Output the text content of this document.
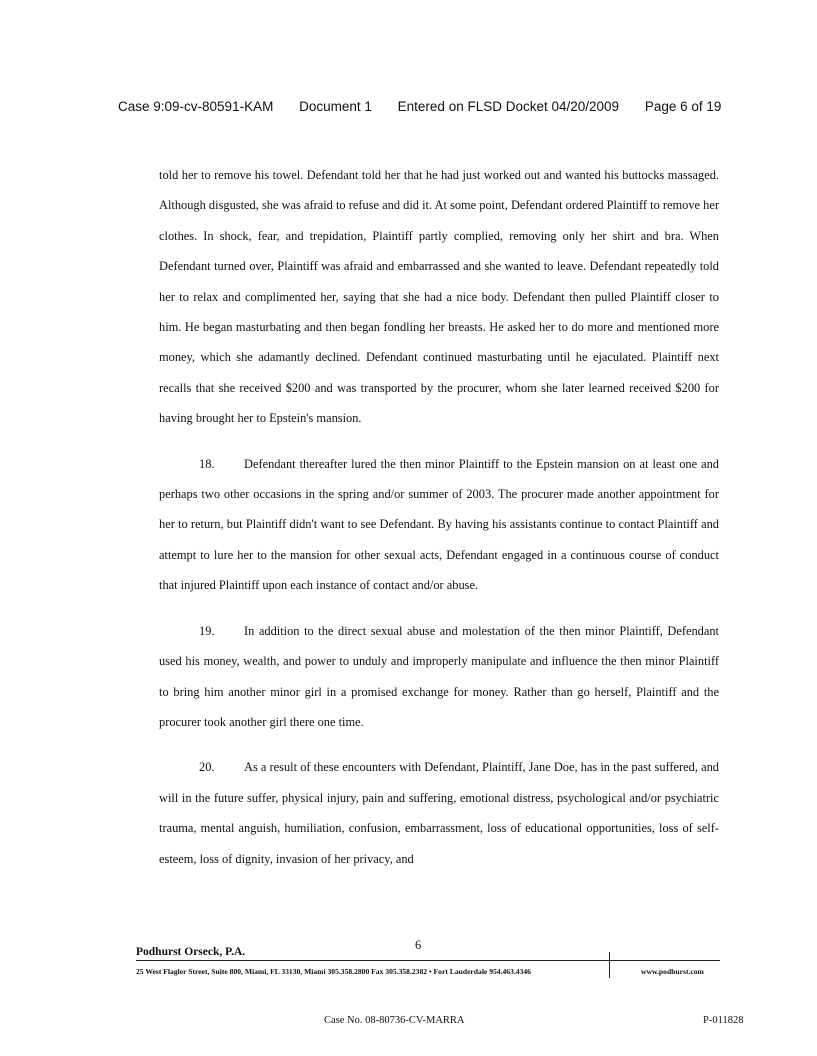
Case 9:09-cv-80591-KAM Document 1 Entered on FLSD Docket 04/20/2009 Page 6 of 19

told her to remove his towel. Defendant told her that he had just worked out and wanted his buttocks massaged. Although disgusted, she was afraid to refuse and did it. At some point, Defendant ordered Plaintiff to remove her clothes. In shock, fear, and trepidation, Plaintiff partly complied, removing only her shirt and bra. When Defendant turned over, Plaintiff was afraid and embarrassed and she wanted to leave. Defendant repeatedly told her to relax and complimented her, saying that she had a nice body. Defendant then pulled Plaintiff closer to him. He began masturbating and then began fondling her breasts. He asked her to do more and mentioned more money, which she adamantly declined. Defendant continued masturbating until he ejaculated. Plaintiff next recalls that she received $200 and was transported by the procurer, whom she later learned received $200 for having brought her to Epstein's mansion.

18. Defendant thereafter lured the then minor Plaintiff to the Epstein mansion on at least one and perhaps two other occasions in the spring and/or summer of 2003. The procurer made another appointment for her to return, but Plaintiff didn't want to see Defendant. By having his assistants continue to contact Plaintiff and attempt to lure her to the mansion for other sexual acts, Defendant engaged in a continuous course of conduct that injured Plaintiff upon each instance of contact and/or abuse.

19. In addition to the direct sexual abuse and molestation of the then minor Plaintiff, Defendant used his money, wealth, and power to unduly and improperly manipulate and influence the then minor Plaintiff to bring him another minor girl in a promised exchange for money. Rather than go herself, Plaintiff and the procurer took another girl there one time.

20. As a result of these encounters with Defendant, Plaintiff, Jane Doe, has in the past suffered, and will in the future suffer, physical injury, pain and suffering, emotional distress, psychological and/or psychiatric trauma, mental anguish, humiliation, confusion, embarrassment, loss of educational opportunities, loss of self-esteem, loss of dignity, invasion of her privacy, and

Podhurst Orseck, P.A.	6
25 West Flagler Street, Suite 800, Miami, FL 33130, Miami 305.358.2800 Fax 305.358.2382 • Fort Lauderdale 954.463.4346	www.podhurst.com
Case No. 08-80736-CV-MARRA	P-011828
